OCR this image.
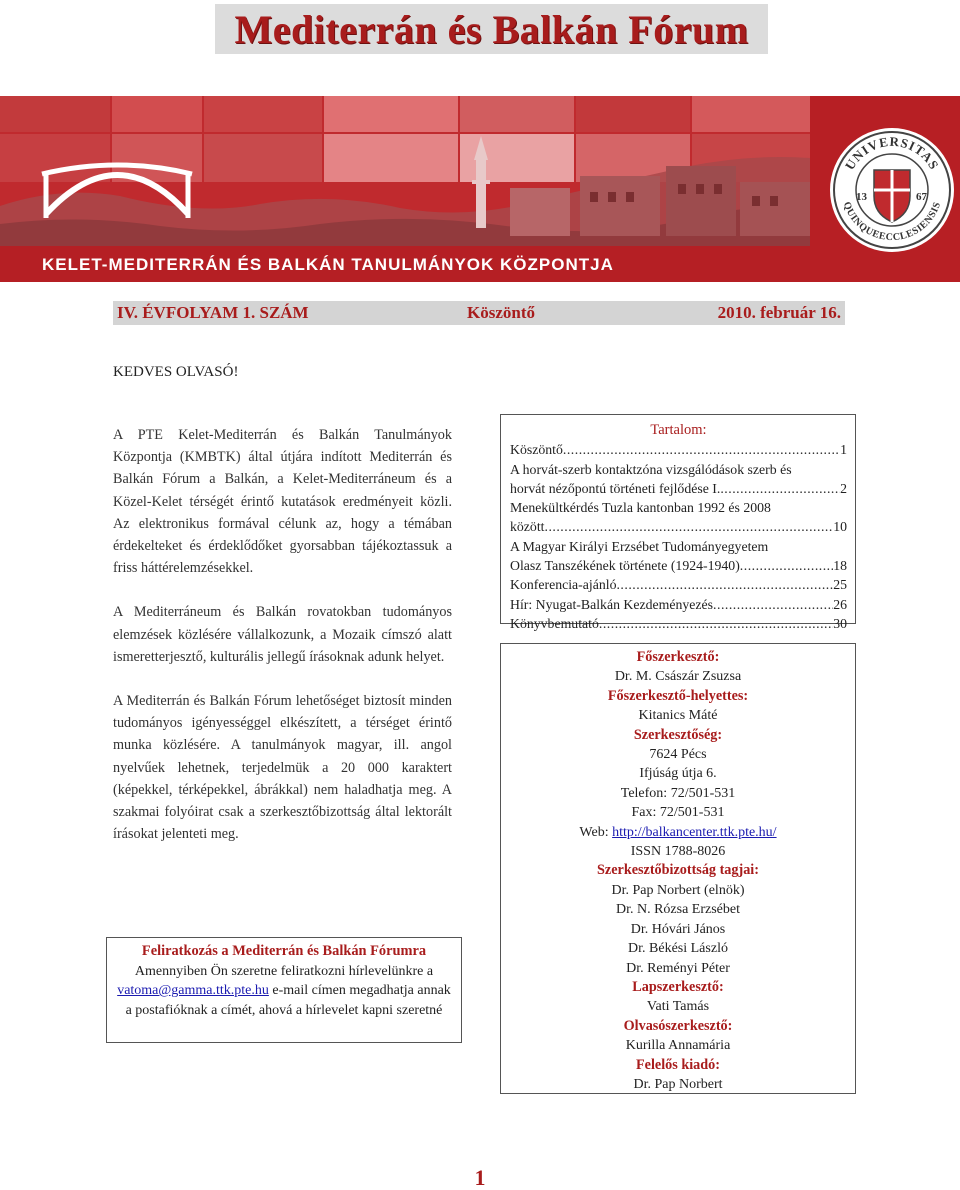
Mediterrán és Balkán Fórum
KELET-MEDITERRÁN ÉS BALKÁN TANULMÁNYOK KÖZPONTJA
UNIVERSITAS
QUINQUEECCLESIENSIS
13	67
IV. ÉVFOLYAM 1. SZÁM	Köszöntő	2010. február 16.
KEDVES OLVASÓ!

A PTE Kelet-Mediterrán és Balkán Tanulmányok Központja (KMBTK) által útjára indított Mediterrán és Balkán Fórum a Balkán, a Kelet-Mediterráneum és a Közel-Kelet térségét érintő kutatások eredményeit közli. Az elektronikus formával célunk az, hogy a témában érdekelteket és érdeklődőket gyorsabban tájékoztassuk a friss háttérelemzésekkel.

A Mediterráneum és Balkán rovatokban tudományos elemzések közlésére vállalkozunk, a Mozaik címszó alatt ismeretterjesztő, kulturális jellegű írásoknak adunk helyet.

A Mediterrán és Balkán Fórum lehetőséget biztosít minden tudományos igényességgel elkészített, a térséget érintő munka közlésére. A tanulmányok magyar, ill. angol nyelvűek lehetnek, terjedelmük a 20 000 karaktert (képekkel, térképekkel, ábrákkal) nem haladhatja meg. A szakmai folyóirat csak a szerkesztőbizottság által lektorált írásokat jelenteti meg.

Feliratkozás a Mediterrán és Balkán Fórumra
Amennyiben Ön szeretne feliratkozni hírlevelünkre a vatoma@gamma.ttk.pte.hu e-mail címen megadhatja annak a postafióknak a címét, ahová a hírlevelet kapni szeretné
Tartalom:
Köszöntő .....	1
A horvát-szerb kontaktzóna vizsgálódások szerb és
horvát nézőpontú történeti fejlődése I. .....	2
Menekültkérdés Tuzla kantonban 1992 és 2008
között .....	10
A Magyar Királyi Erzsébet Tudományegyetem
Olasz Tanszékének története (1924-1940) .....	18
Konferencia-ajánló .....	25
Hír: Nyugat-Balkán Kezdeményezés .....	26
Könyvbemutató .....	30
Főszerkesztő:
Dr. M. Császár Zsuzsa
Főszerkesztő-helyettes:
Kitanics Máté
Szerkesztőség:
7624 Pécs
Ifjúság útja 6.
Telefon: 72/501-531
Fax: 72/501-531
Web: http://balkancenter.ttk.pte.hu/
ISSN 1788-8026
Szerkesztőbizottság tagjai:
Dr. Pap Norbert (elnök)
Dr. N. Rózsa Erzsébet
Dr. Hóvári János
Dr. Békési László
Dr. Reményi Péter
Lapszerkesztő:
Vati Tamás
Olvasószerkesztő:
Kurilla Annamária
Felelős kiadó:
Dr. Pap Norbert
1
